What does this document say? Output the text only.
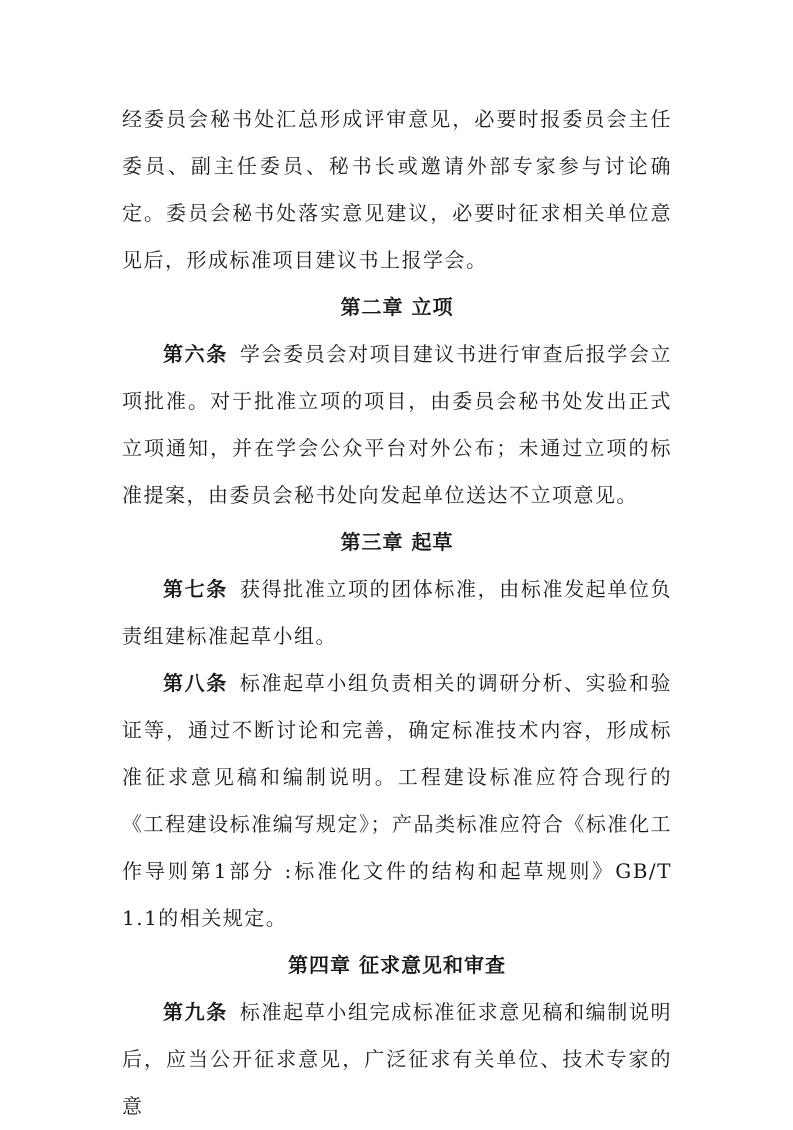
经委员会秘书处汇总形成评审意见，必要时报委员会主任委员、副主任委员、秘书长或邀请外部专家参与讨论确定。委员会秘书处落实意见建议，必要时征求相关单位意见后，形成标准项目建议书上报学会。

第二章 立项

第六条 学会委员会对项目建议书进行审查后报学会立项批准。对于批准立项的项目，由委员会秘书处发出正式立项通知，并在学会公众平台对外公布；未通过立项的标准提案，由委员会秘书处向发起单位送达不立项意见。

第三章 起草

第七条 获得批准立项的团体标准，由标准发起单位负责组建标准起草小组。

第八条 标准起草小组负责相关的调研分析、实验和验证等，通过不断讨论和完善，确定标准技术内容，形成标准征求意见稿和编制说明。工程建设标准应符合现行的《工程建设标准编写规定》；产品类标准应符合《标准化工作导则第1部分 :标准化文件的结构和起草规则》GB/T 1.1的相关规定。

第四章 征求意见和审查

第九条 标准起草小组完成标准征求意见稿和编制说明后，应当公开征求意见，广泛征求有关单位、技术专家的意
